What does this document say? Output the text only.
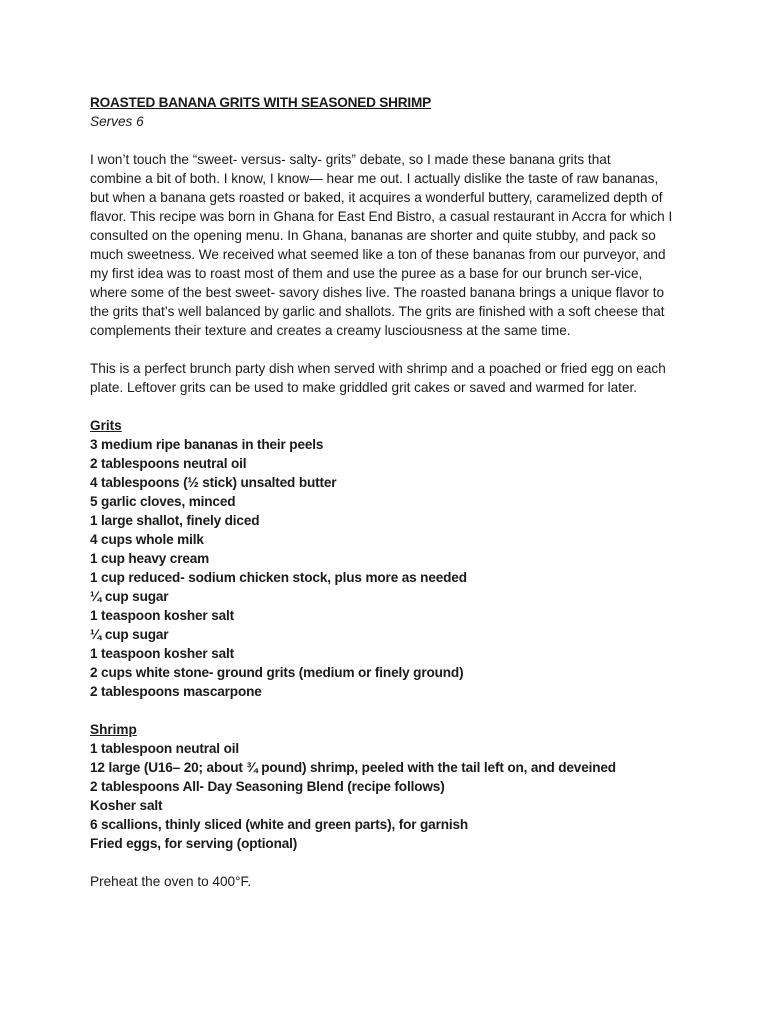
ROASTED BANANA GRITS WITH SEASONED SHRIMP

Serves 6

I won’t touch the “sweet- versus- salty- grits” debate, so I made these banana grits that
combine a bit of both. I know, I know— hear me out. I actually dislike the taste of raw bananas,
but when a banana gets roasted or baked, it acquires a wonderful buttery, caramelized depth of
flavor. This recipe was born in Ghana for East End Bistro, a casual restaurant in Accra for which I
consulted on the opening menu. In Ghana, bananas are shorter and quite stubby, and pack so
much sweetness. We received what seemed like a ton of these bananas from our purveyor, and
my first idea was to roast most of them and use the puree as a base for our brunch ser-vice,
where some of the best sweet- savory dishes live. The roasted banana brings a unique flavor to
the grits that’s well balanced by garlic and shallots. The grits are finished with a soft cheese that
complements their texture and creates a creamy lusciousness at the same time.
This is a perfect brunch party dish when served with shrimp and a poached or fried egg on each
plate. Leftover grits can be used to make griddled grit cakes or saved and warmed for later.

Grits

3 medium ripe bananas in their peels
2 tablespoons neutral oil
4 tablespoons (½ stick) unsalted butter
5 garlic cloves, minced
1 large shallot, finely diced
4 cups whole milk
1 cup heavy cream
1 cup reduced- sodium chicken stock, plus more as needed
¼ cup sugar
1 teaspoon kosher salt
¼ cup sugar
1 teaspoon kosher salt
2 cups white stone- ground grits (medium or finely ground)
2 tablespoons mascarpone

Shrimp

1 tablespoon neutral oil
12 large (U16– 20; about ¾ pound) shrimp, peeled with the tail left on, and deveined
2 tablespoons All- Day Seasoning Blend (recipe follows)
Kosher salt
6 scallions, thinly sliced (white and green parts), for garnish
Fried eggs, for serving (optional)

Preheat the oven to 400°F.
